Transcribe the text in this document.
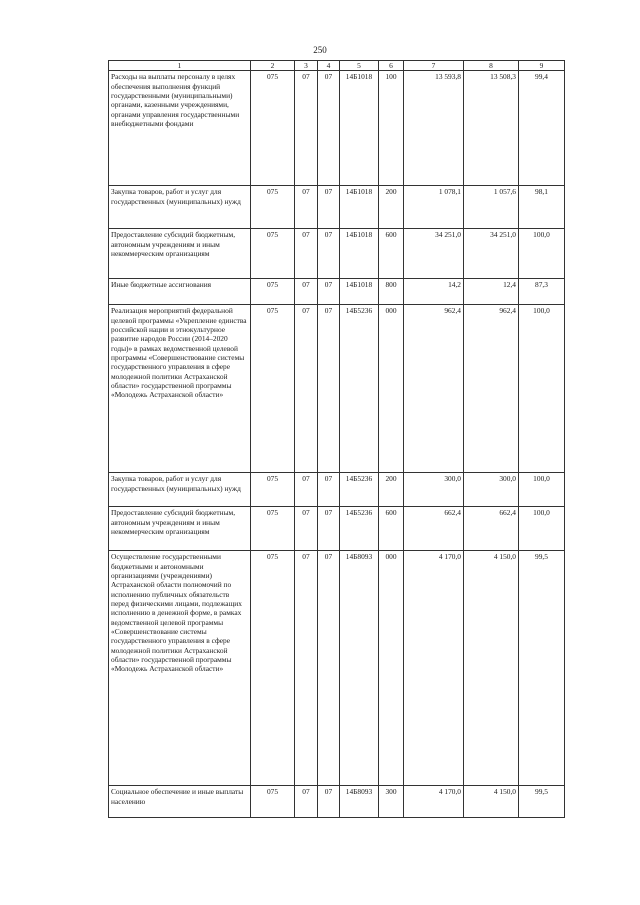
250
1	2	3	4	5	6	7	8	9
Расходы на выплаты персоналу в целях обеспечения выполнения функций государственными (муниципальными) органами, казенными учреждениями, органами управления государственными внебюджетными фондами	075	07	07	14Б1018	100	13 593,8	13 508,3	99,4
Закупка товаров, работ и услуг для государственных (муниципальных) нужд	075	07	07	14Б1018	200	1 078,1	1 057,6	98,1
Предоставление субсидий бюджетным, автономным учреждениям и иным некоммерческим организациям	075	07	07	14Б1018	600	34 251,0	34 251,0	100,0
Иные бюджетные ассигнования	075	07	07	14Б1018	800	14,2	12,4	87,3
Реализация мероприятий федеральной целевой программы «Укрепление единства российской нации и этнокультурное развитие народов России (2014–2020 годы)» в рамках ведомственной целевой программы «Совершенствование системы государственного управления в сфере молодежной политики Астраханской области» государственной программы «Молодежь Астраханской области»	075	07	07	14Б5236	000	962,4	962,4	100,0
Закупка товаров, работ и услуг для государственных (муниципальных) нужд	075	07	07	14Б5236	200	300,0	300,0	100,0
Предоставление субсидий бюджетным, автономным учреждениям и иным некоммерческим организациям	075	07	07	14Б5236	600	662,4	662,4	100,0
Осуществление государственными бюджетными и автономными организациями (учреждениями) Астраханской области полномочий по исполнению публичных обязательств перед физическими лицами, подлежащих исполнению в денежной форме, в рамках ведомственной целевой программы «Совершенствование системы государственного управления в сфере молодежной политики Астраханской области» государственной программы «Молодежь Астраханской области»	075	07	07	14Б8093	000	4 170,0	4 150,0	99,5
Социальное обеспечение и иные выплаты населению	075	07	07	14Б8093	300	4 170,0	4 150,0	99,5
